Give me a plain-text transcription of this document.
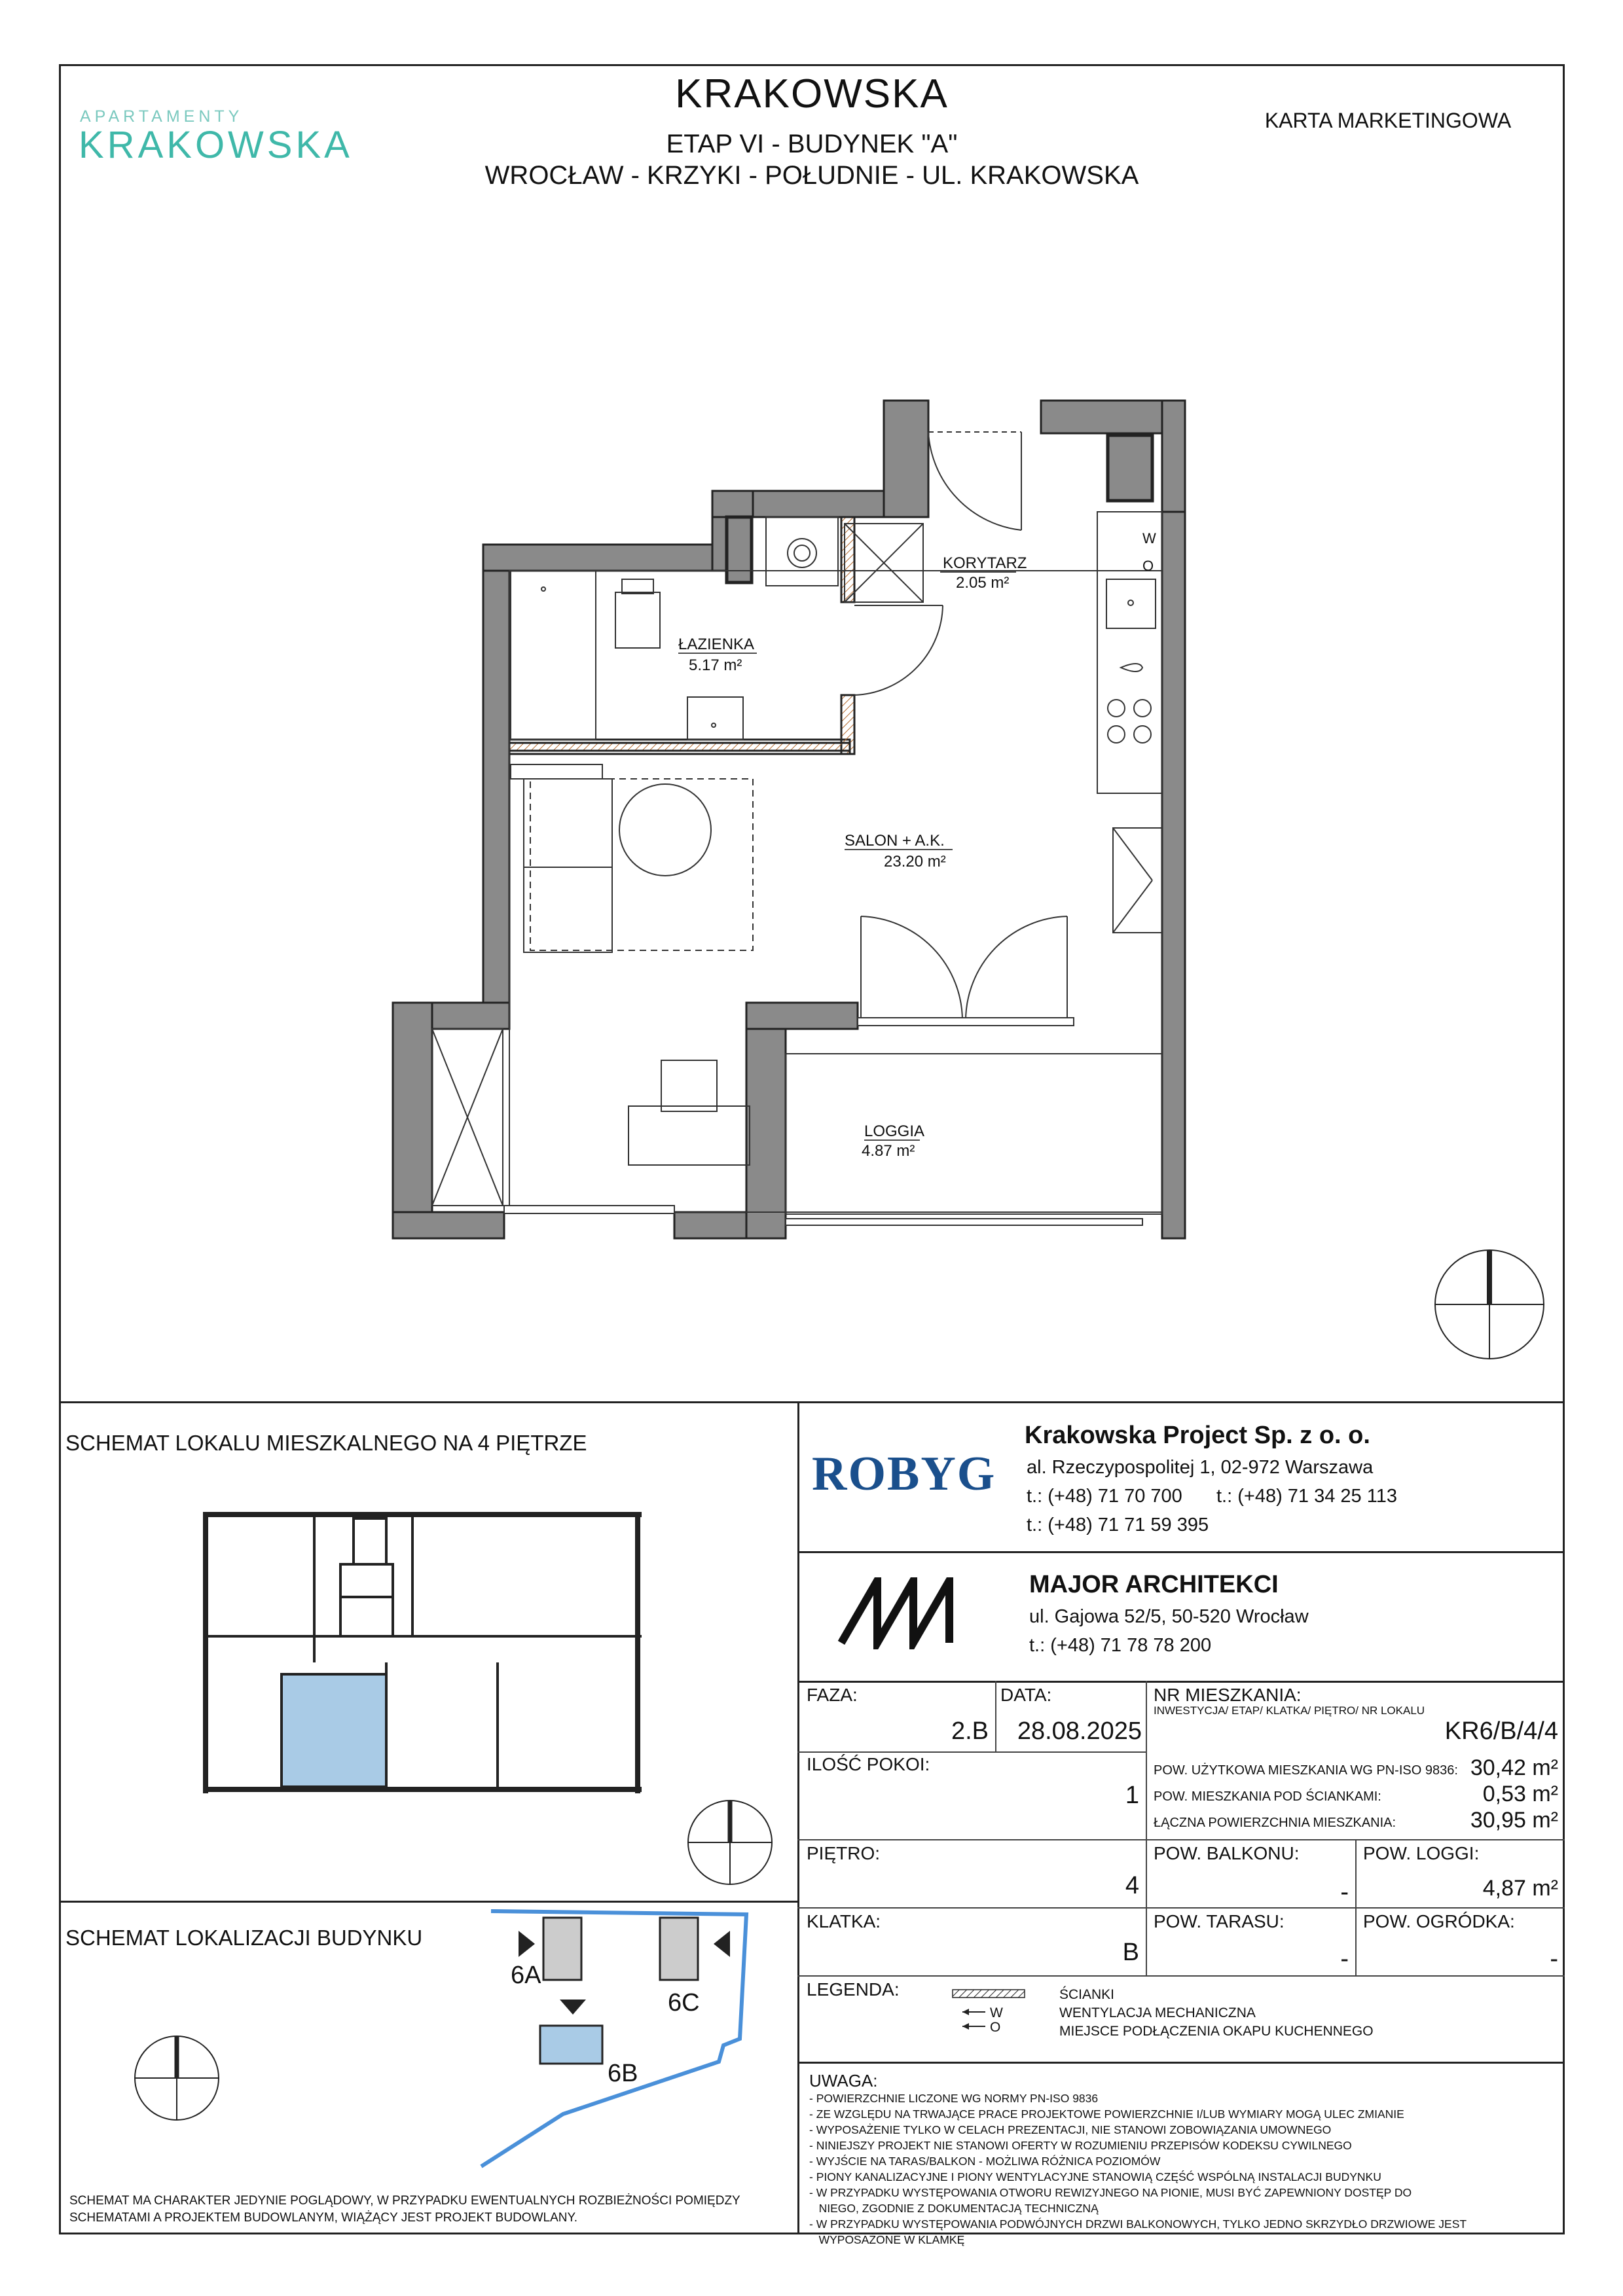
APARTAMENTY
KRAKOWSKA
KRAKOWSKA
ETAP VI - BUDYNEK "A"
WROCŁAW - KRZYKI - POŁUDNIE - UL. KRAKOWSKA
KARTA MARKETINGOWA
KORYTARZ
2.05 m²
ŁAZIENKA
5.17 m²
SALON + A.K.
23.20 m²
LOGGIA
4.87 m²
W
O
SCHEMAT LOKALU MIESZKALNEGO NA 4 PIĘTRZE
SCHEMAT LOKALIZACJI BUDYNKU
6A
6C
6B
SCHEMAT MA CHARAKTER JEDYNIE POGLĄDOWY, W PRZYPADKU EWENTUALNYCH ROZBIEŻNOŚCI POMIĘDZY SCHEMATAMI A PROJEKTEM BUDOWLANYM, WIĄŻĄCY JEST PROJEKT BUDOWLANY.
ROBYG
Krakowska Project Sp. z o. o.
al. Rzeczypospolitej 1, 02-972 Warszawa
t.: (+48) 71 70 700 t.: (+48) 71 34 25 113
t.: (+48) 71 71 59 395
MAJOR ARCHITEKCI
ul. Gajowa 52/5, 50-520 Wrocław
t.: (+48) 71 78 78 200
FAZA:
2.B
DATA:
28.08.2025
NR MIESZKANIA:
INWESTYCJA/ ETAP/ KLATKA/ PIĘTRO/ NR LOKALU
KR6/B/4/4
ILOŚĆ POKOI:
1
POW. UŻYTKOWA MIESZKANIA WG PN-ISO 9836: 30,42 m²
POW. MIESZKANIA POD ŚCIANKAMI:	0,53 m²
ŁĄCZNA POWIERZCHNIA MIESZKANIA:	30,95 m²
PIĘTRO:
4
POW. BALKONU:
-
POW. LOGGI:
4,87 m²
KLATKA:
B
POW. TARASU:
-
POW. OGRÓDKA:
-
LEGENDA:
W
O
ŚCIANKI
WENTYLACJA MECHANICZNA
MIEJSCE PODŁĄCZENIA OKAPU KUCHENNEGO
UWAGA:
- POWIERZCHNIE LICZONE WG NORMY PN-ISO 9836
- ZE WZGLĘDU NA TRWAJĄCE PRACE PROJEKTOWE POWIERZCHNIE I/LUB WYMIARY MOGĄ ULEC ZMIANIE
- WYPOSAŻENIE TYLKO W CELACH PREZENTACJI, NIE STANOWI ZOBOWIĄZANIA UMOWNEGO
- NINIEJSZY PROJEKT NIE STANOWI OFERTY W ROZUMIENIU PRZEPISÓW KODEKSU CYWILNEGO
- WYJŚCIE NA TARAS/BALKON - MOŻLIWA RÓŻNICA POZIOMÓW
- PIONY KANALIZACYJNE I PIONY WENTYLACYJNE STANOWIĄ CZĘŚĆ WSPÓLNĄ INSTALACJI BUDYNKU
- W PRZYPADKU WYSTĘPOWANIA OTWORU REWIZYJNEGO NA PIONIE, MUSI BYĆ ZAPEWNIONY DOSTĘP DO
NIEGO, ZGODNIE Z DOKUMENTACJĄ TECHNICZNĄ
- W PRZYPADKU WYSTĘPOWANIA PODWÓJNYCH DRZWI BALKONOWYCH, TYLKO JEDNO SKRZYDŁO DRZWIOWE JEST
WYPOSAŻONE W KLAMKĘ
